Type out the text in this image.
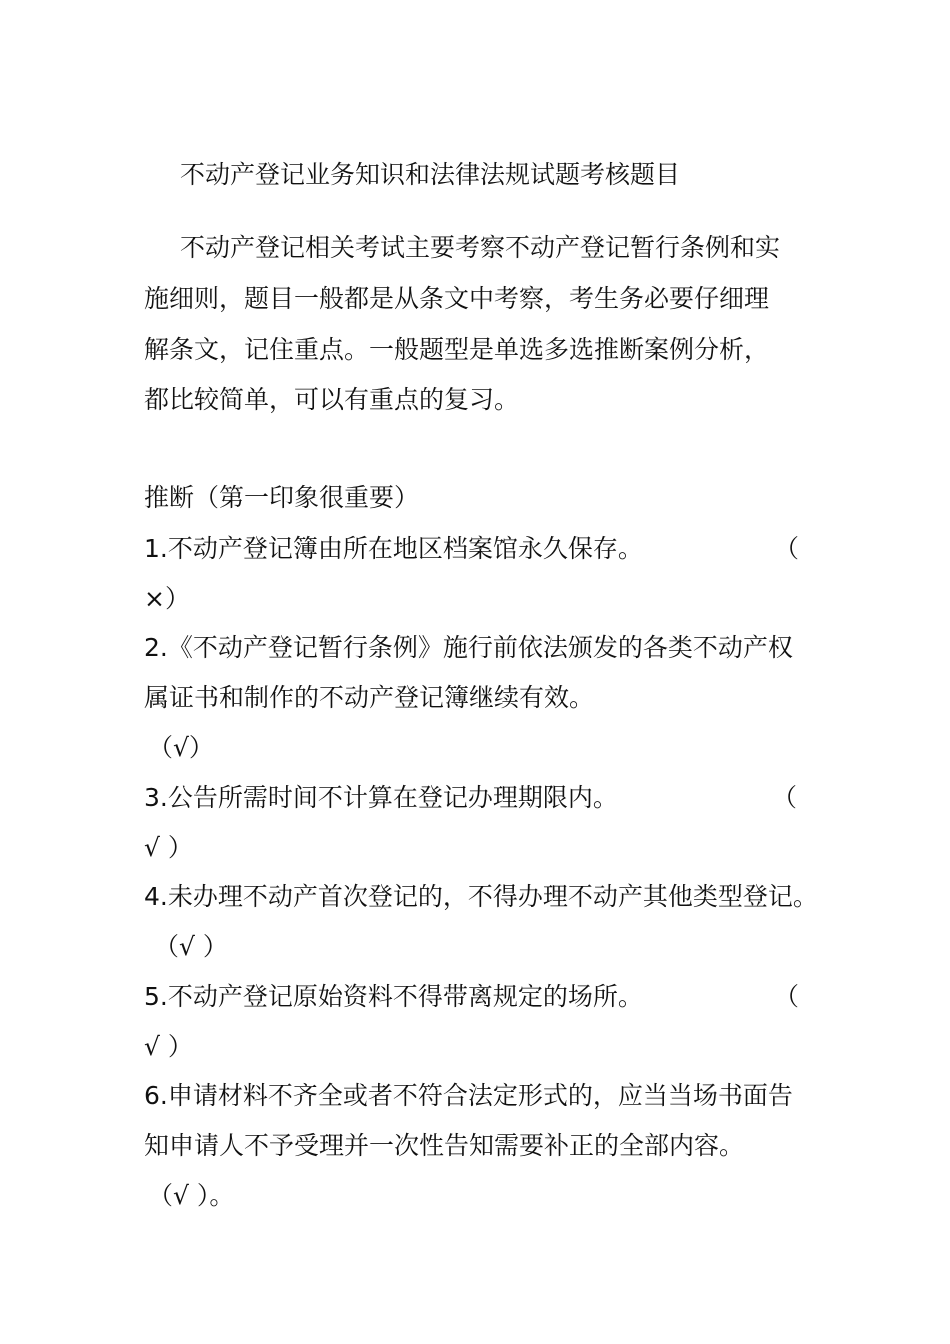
不动产登记业务知识和法律法规试题考核题目
不动产登记相关考试主要考察不动产登记暂行条例和实
施细则，题目一般都是从条文中考察，考生务必要仔细理
解条文，记住重点。一般题型是单选多选推断案例分析，
都比较简单，可以有重点的复习。
推断（第一印象很重要）
1.不动产登记簿由所在地区档案馆永久保存。	（
×）
2.《不动产登记暂行条例》施行前依法颁发的各类不动产权
属证书和制作的不动产登记簿继续有效。
（√）
3.公告所需时间不计算在登记办理期限内。	（
√ ）
4.未办理不动产首次登记的，不得办理不动产其他类型登记。
（√ ）
5.不动产登记原始资料不得带离规定的场所。	（
√ ）
6.申请材料不齐全或者不符合法定形式的，应当当场书面告
知申请人不予受理并一次性告知需要补正的全部内容。
（√ ）。
